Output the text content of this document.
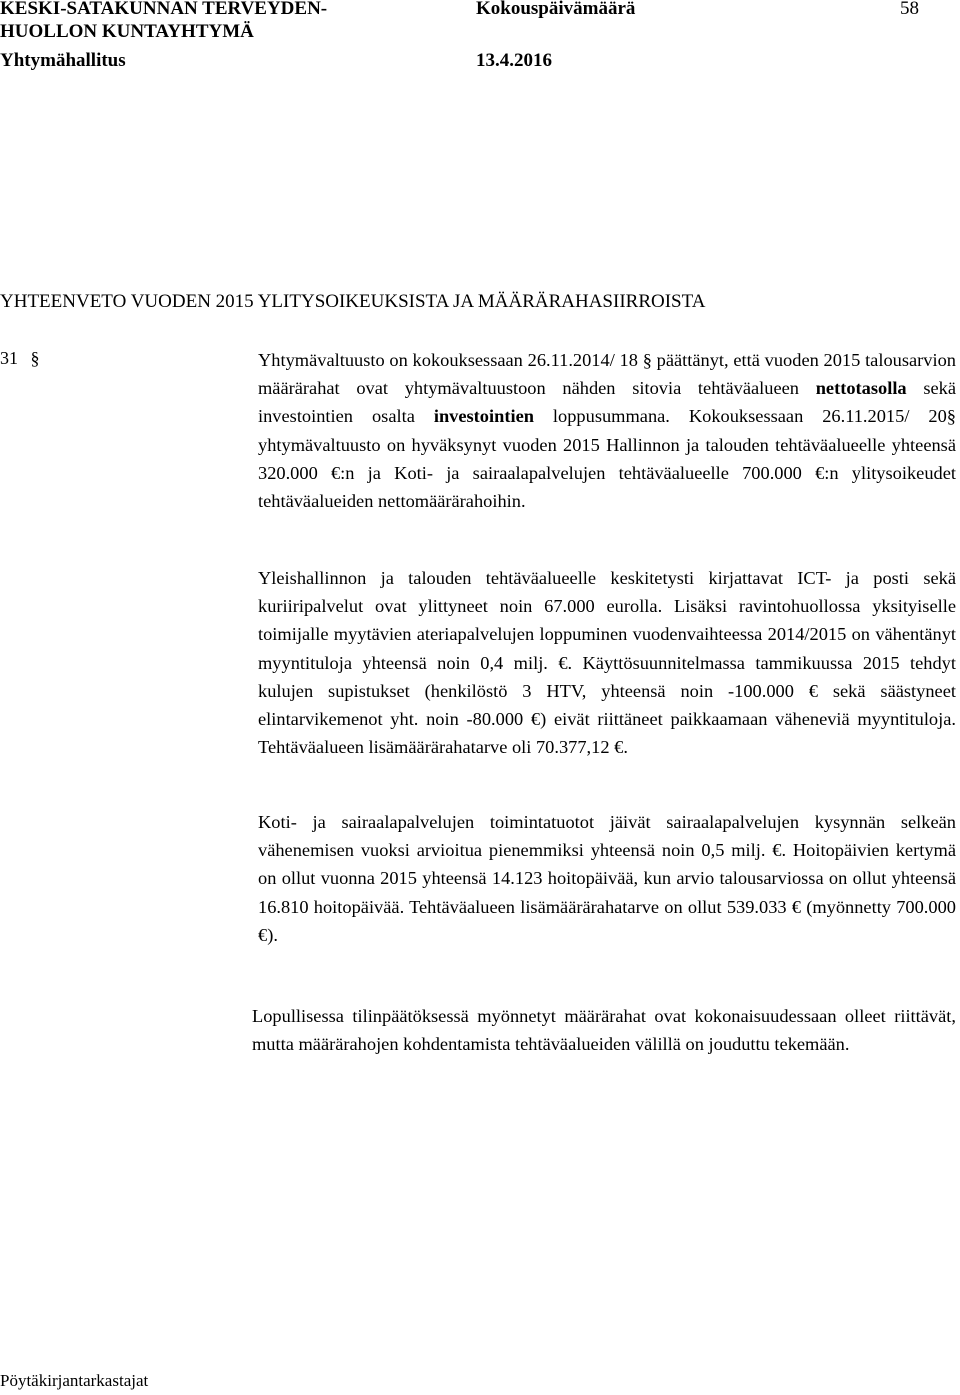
KESKI-SATAKUNNAN TERVEYDEN-
HUOLLON KUNTAYHTYMÄ
Yhtymähallitus
Kokouspäivämäärä
13.4.2016
58
YHTEENVETO VUODEN 2015 YLITYSOIKEUKSISTA JA MÄÄRÄRAHASIIRROISTA
31 §	Yhtymävaltuusto on kokouksessaan 26.11.2014/ 18 § päättänyt, että vuoden 2015 talousarvion määrärahat ovat yhtymävaltuustoon nähden sitovia tehtäväalueen nettotasolla sekä investointien osalta investointien loppusummana. Kokouksessaan 26.11.2015/ 20§ yhtymävaltuusto on hyväksynyt vuoden 2015 Hallinnon ja talouden tehtäväalueelle yhteensä 320.000 €:n ja Koti- ja sairaalapalvelujen tehtäväalueelle 700.000 €:n ylitysoikeudet tehtäväalueiden nettomäärärahoihin.
Yleishallinnon ja talouden tehtäväalueelle keskitetysti kirjattavat ICT- ja posti sekä kuriiripalvelut ovat ylittyneet noin 67.000 eurolla. Lisäksi ravintohuollossa yksityiselle toimijalle myytävien ateriapalvelujen loppuminen vuodenvaihteessa 2014/2015 on vähentänyt myyntituloja yhteensä noin 0,4 milj. €. Käyttösuunnitelmassa tammikuussa 2015 tehdyt kulujen supistukset (henkilöstö 3 HTV, yhteensä noin -100.000 € sekä säästyneet elintarvikemenot yht. noin -80.000 €) eivät riittäneet paikkaamaan väheneviä myyntituloja. Tehtäväalueen lisämäärärahatarve oli 70.377,12 €.
Koti- ja sairaalapalvelujen toimintatuotot jäivät sairaalapalvelujen kysynnän selkeän vähenemisen vuoksi arvioitua pienemmiksi yhteensä noin 0,5 milj. €. Hoitopäivien kertymä on ollut vuonna 2015 yhteensä 14.123 hoitopäivää, kun arvio talousarviossa on ollut yhteensä 16.810 hoitopäivää. Tehtäväalueen lisämäärärahatarve on ollut 539.033 € (myönnetty 700.000 €).
Lopullisessa tilinpäätöksessä myönnetyt määrärahat ovat kokonaisuudessaan olleet riittävät, mutta määrärahojen kohdentamista tehtäväalueiden välillä on jouduttu tekemään.
Pöytäkirjantarkastajat
